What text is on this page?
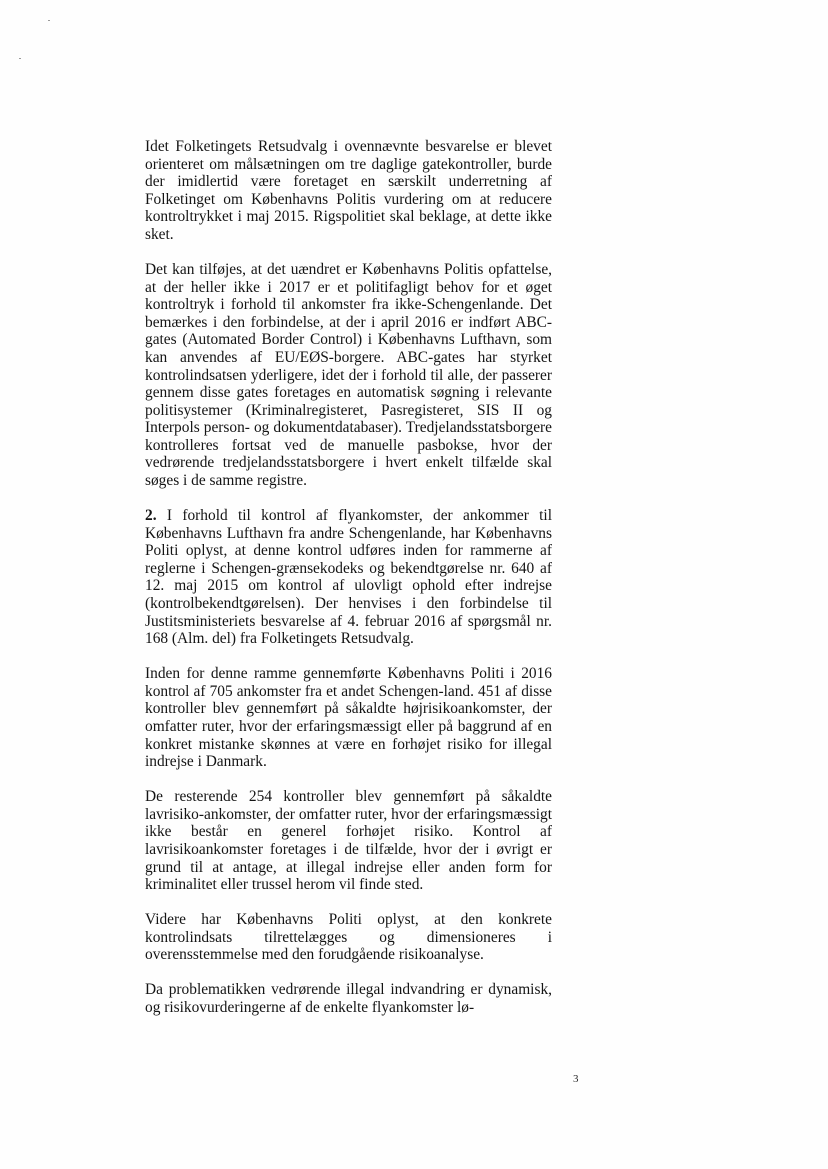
Idet Folketingets Retsudvalg i ovennævnte besvarelse er blevet orienteret om målsætningen om tre daglige gatekontroller, burde der imidlertid være foretaget en særskilt underretning af Folketinget om Københavns Politis vurdering om at reducere kontroltrykket i maj 2015. Rigspolitiet skal beklage, at dette ikke sket.

Det kan tilføjes, at det uændret er Københavns Politis opfattelse, at der heller ikke i 2017 er et politifagligt behov for et øget kontroltryk i forhold til ankomster fra ikke-Schengenlande. Det bemærkes i den forbindelse, at der i april 2016 er indført ABC-gates (Automated Border Control) i Københavns Lufthavn, som kan anvendes af EU/EØS-borgere. ABC-gates har styrket kontrolindsatsen yderligere, idet der i forhold til alle, der passerer gennem disse gates foretages en automatisk søgning i relevante politisystemer (Kriminalregisteret, Pasregisteret, SIS II og Interpols person- og dokumentdatabaser). Tredjelandsstatsborgere kontrolleres fortsat ved de manuelle pasbokse, hvor der vedrørende tredjelandsstatsborgere i hvert enkelt tilfælde skal søges i de samme registre.

2. I forhold til kontrol af flyankomster, der ankommer til Københavns Lufthavn fra andre Schengenlande, har Københavns Politi oplyst, at denne kontrol udføres inden for rammerne af reglerne i Schengen-grænsekodeks og bekendtgørelse nr. 640 af 12. maj 2015 om kontrol af ulovligt ophold efter indrejse (kontrolbekendtgørelsen). Der henvises i den forbindelse til Justitsministeriets besvarelse af 4. februar 2016 af spørgsmål nr. 168 (Alm. del) fra Folketingets Retsudvalg.

Inden for denne ramme gennemførte Københavns Politi i 2016 kontrol af 705 ankomster fra et andet Schengen-land. 451 af disse kontroller blev gennemført på såkaldte højrisikoankomster, der omfatter ruter, hvor der erfaringsmæssigt eller på baggrund af en konkret mistanke skønnes at være en forhøjet risiko for illegal indrejse i Danmark.

De resterende 254 kontroller blev gennemført på såkaldte lavrisiko-ankomster, der omfatter ruter, hvor der erfaringsmæssigt ikke består en generel forhøjet risiko. Kontrol af lavrisikoankomster foretages i de tilfælde, hvor der i øvrigt er grund til at antage, at illegal indrejse eller anden form for kriminalitet eller trussel herom vil finde sted.

Videre har Københavns Politi oplyst, at den konkrete kontrolindsats tilrettelægges og dimensioneres i overensstemmelse med den forudgående risikoanalyse.

Da problematikken vedrørende illegal indvandring er dynamisk, og risikovurderingerne af de enkelte flyankomster lø-

3
